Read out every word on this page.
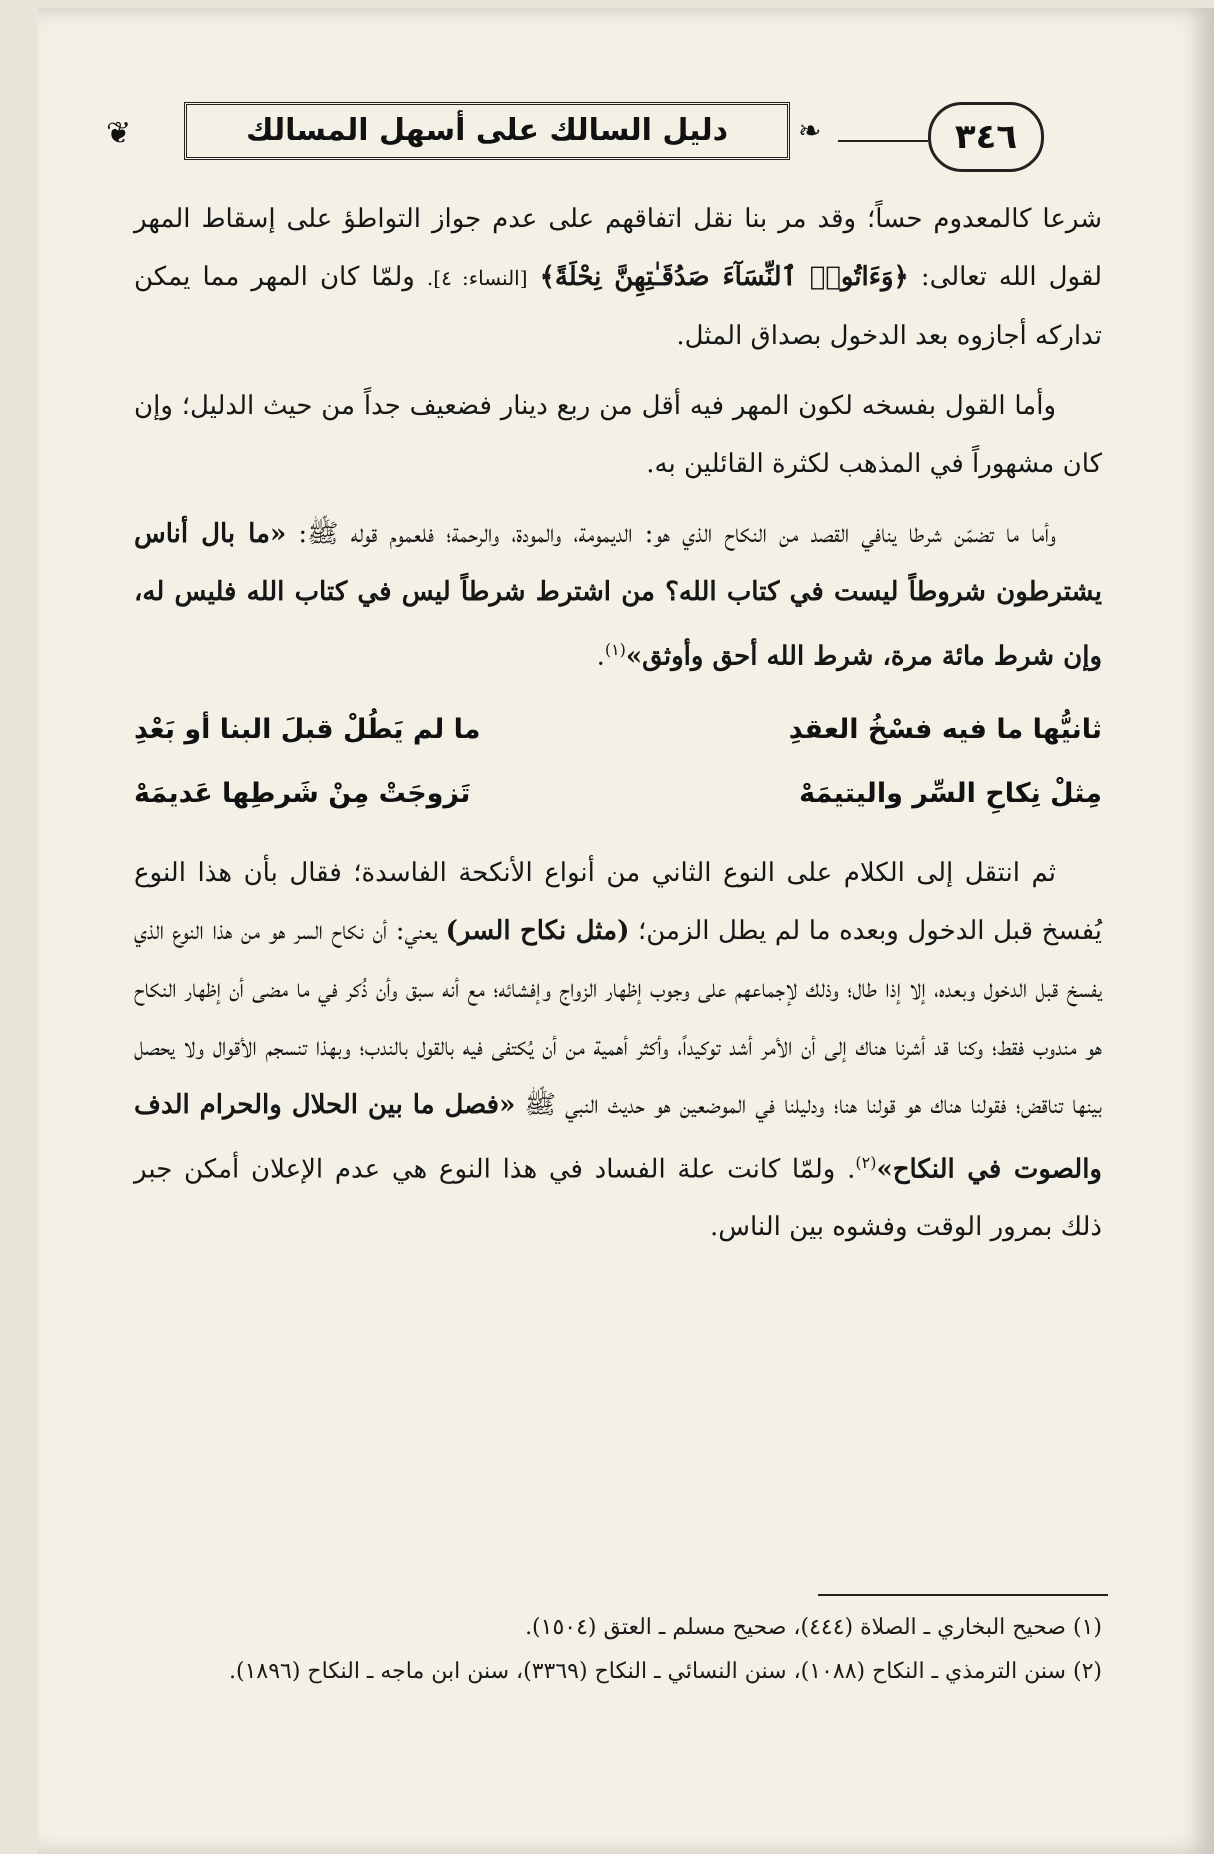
❦	دليل السالك على أسهل المسالك	❧	٣٤٦

شرعا كالمعدوم حساً؛ وقد مر بنا نقل اتفاقهم على عدم جواز التواطؤ على إسقاط المهر لقول الله تعالى: ﴿وَءَاتُوا۟ ٱلنِّسَآءَ صَدُقَـٰتِهِنَّ نِحْلَةً﴾ [النساء: ٤]. ولمّا كان المهر مما يمكن تداركه أجازوه بعد الدخول بصداق المثل.

وأما القول بفسخه لكون المهر فيه أقل من ربع دينار فضعيف جداً من حيث الدليل؛ وإن كان مشهوراً في المذهب لكثرة القائلين به.

وأما ما تضمّن شرطا ينافي القصد من النكاح الذي هو: الديمومة، والمودة، والرحمة؛ فلعموم قوله ﷺ: «ما بال أناس يشترطون شروطاً ليست في كتاب الله؟ من اشترط شرطاً ليس في كتاب الله فليس له، وإن شرط مائة مرة، شرط الله أحق وأوثق»$^{(١)}$.

ثانيُّها ما فيه فسْخُ العقدِ
ما لم يَطُلْ قبلَ البنا أو بَعْدِ
مِثلْ نِكاحِ السِّر واليتيمَهْ
تَزوجَتْ مِنْ شَرطِها عَديمَهْ

ثم انتقل إلى الكلام على النوع الثاني من أنواع الأنكحة الفاسدة؛ فقال بأن هذا النوع يُفسخ قبل الدخول وبعده ما لم يطل الزمن؛ (مثل نكاح السر) يعني: أن نكاح السر هو من هذا النوع الذي يفسخ قبل الدخول وبعده، إلا إذا طال؛ وذلك لإجماعهم على وجوب إظهار الزواج وإفشائه؛ مع أنه سبق وأن ذُكر في ما مضى أن إظهار النكاح هو مندوب فقط؛ وكنا قد أشرنا هناك إلى أن الأمر أشد توكيداً، وأكثر أهمية من أن يُكتفى فيه بالقول بالندب؛ وبهذا تنسجم الأقوال ولا يحصل بينها تناقض؛ فقولنا هناك هو قولنا هنا؛ ودليلنا في الموضعين هو حديث النبي ﷺ «فصل ما بين الحلال والحرام الدف والصوت في النكاح»$^{(٢)}$. ولمّا كانت علة الفساد في هذا النوع هي عدم الإعلان أمكن جبر ذلك بمرور الوقت وفشوه بين الناس.

(١) صحيح البخاري ـ الصلاة (٤٤٤)، صحيح مسلم ـ العتق (١٥٠٤).

(٢) سنن الترمذي ـ النكاح (١٠٨٨)، سنن النسائي ـ النكاح (٣٣٦٩)، سنن ابن ماجه ـ النكاح (١٨٩٦).
